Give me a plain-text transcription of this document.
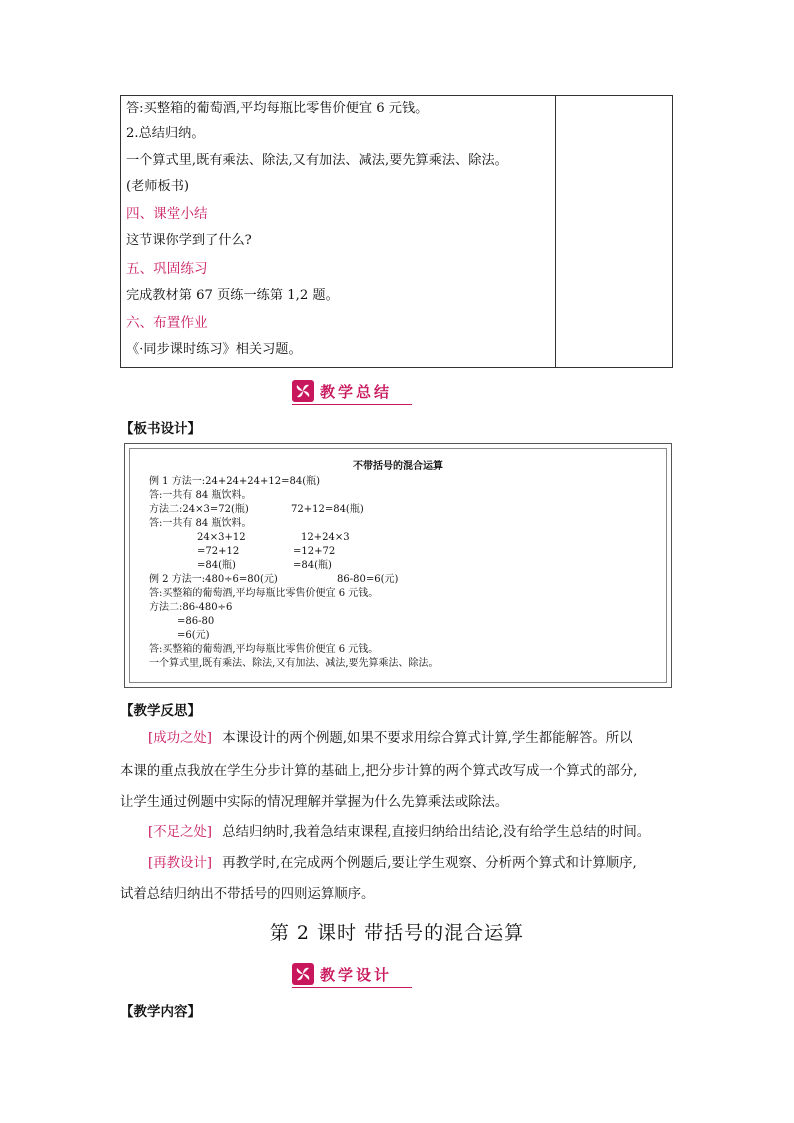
答:买整箱的葡萄酒,平均每瓶比零售价便宜 6 元钱。
2.总结归纳。
一个算式里,既有乘法、除法,又有加法、减法,要先算乘法、除法。
(老师板书)
四、课堂小结
这节课你学到了什么?
五、巩固练习
完成教材第 67 页练一练第 1,2 题。
六、布置作业
《·同步课时练习》相关习题。
教学总结
【板书设计】
不带括号的混合运算
例 1 方法一:24+24+24+12=84(瓶)
答:一共有 84 瓶饮料。
方法二:24×3=72(瓶)	72+12=84(瓶)
答:一共有 84 瓶饮料。
24×3+12
=72+12
=84(瓶)
12+24×3
=12+72
=84(瓶)
例 2 方法一:480÷6=80(元)	86-80=6(元)
答:买整箱的葡萄酒,平均每瓶比零售价便宜 6 元钱。
方法二:86-480÷6
=86-80
=6(元)
答:买整箱的葡萄酒,平均每瓶比零售价便宜 6 元钱。
一个算式里,既有乘法、除法,又有加法、减法,要先算乘法、除法。
【教学反思】
[成功之处] 本课设计的两个例题,如果不要求用综合算式计算,学生都能解答。所以
本课的重点我放在学生分步计算的基础上,把分步计算的两个算式改写成一个算式的部分,
让学生通过例题中实际的情况理解并掌握为什么先算乘法或除法。
[不足之处] 总结归纳时,我着急结束课程,直接归纳给出结论,没有给学生总结的时间。
[再教设计] 再教学时,在完成两个例题后,要让学生观察、分析两个算式和计算顺序,
试着总结归纳出不带括号的四则运算顺序。
第 2 课时 带括号的混合运算
教学设计
【教学内容】
